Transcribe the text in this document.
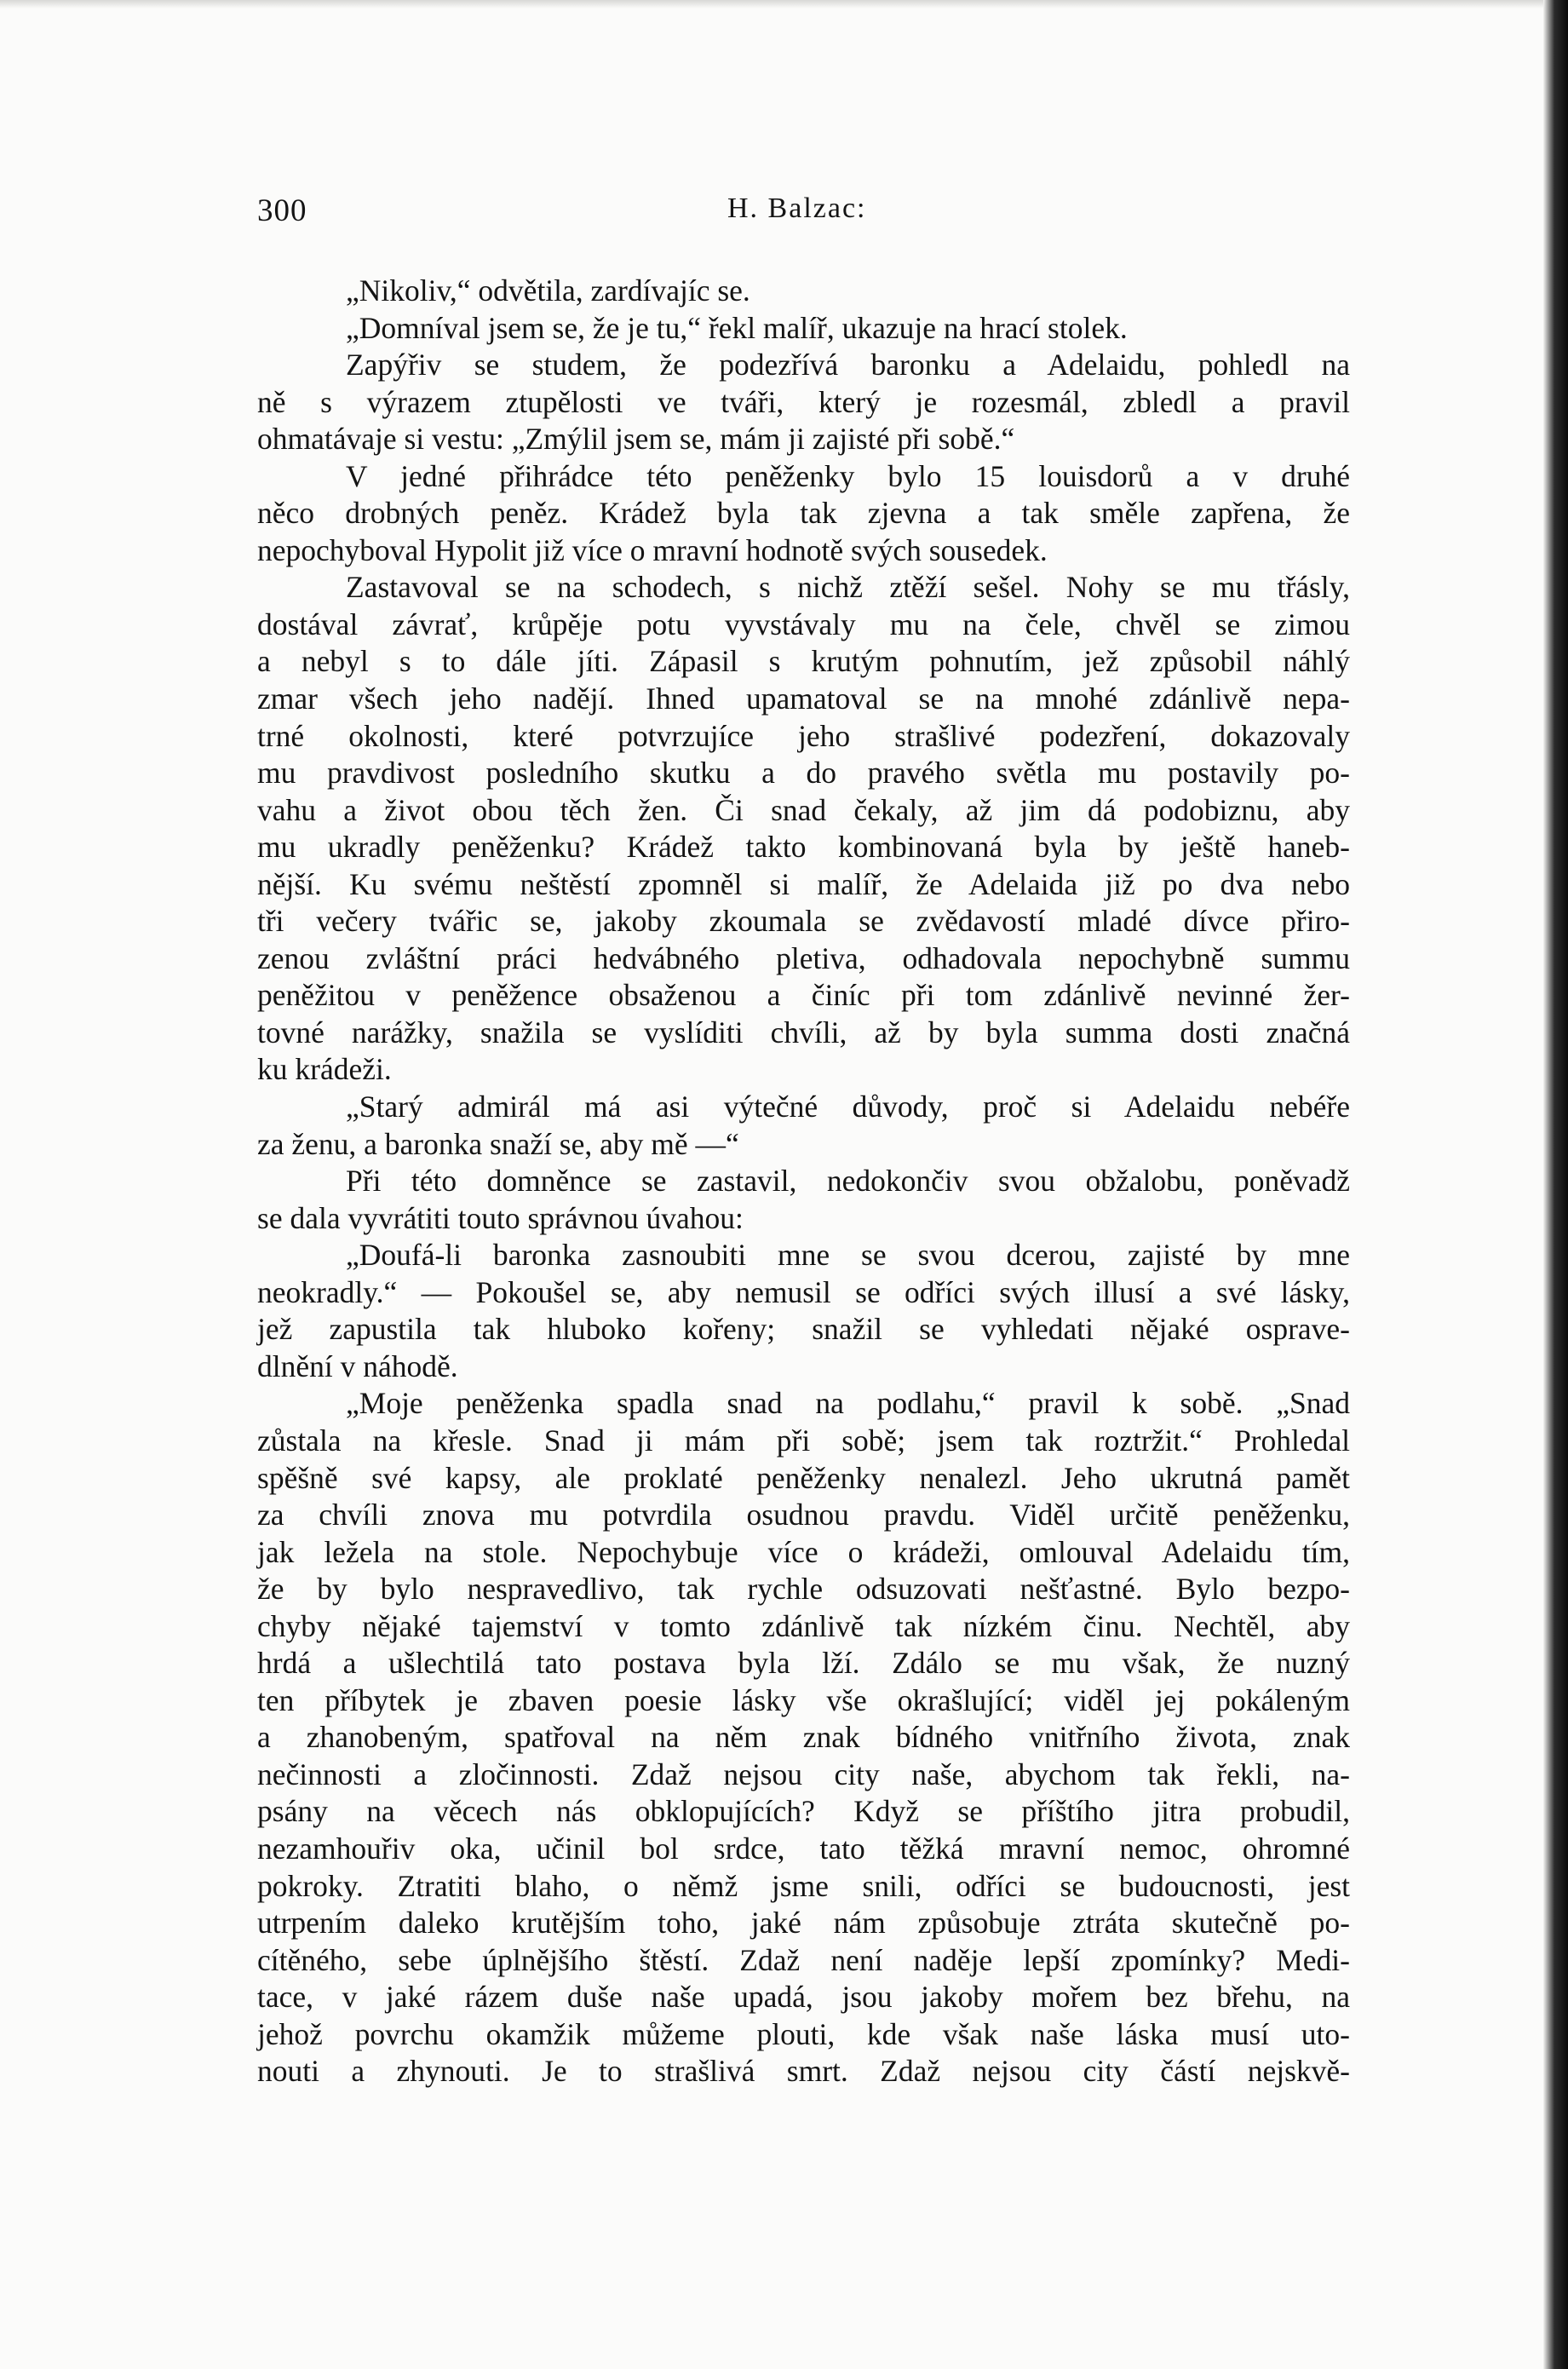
300	H. Balzac:
„Nikoliv,“ odvětila, zardívajíc se.
„Domníval jsem se, že je tu,“ řekl malíř, ukazuje na hrací stolek.
Zapýřiv se studem, že podezřívá baronku a Adelaidu, pohledl na
ně s výrazem ztupělosti ve tváři, který je rozesmál, zbledl a pravil
ohmatávaje si vestu: „Zmýlil jsem se, mám ji zajisté při sobě.“
V jedné přihrádce této peněženky bylo 15 louisdorů a v druhé
něco drobných peněz. Krádež byla tak zjevna a tak směle zapřena, že
nepochyboval Hypolit již více o mravní hodnotě svých sousedek.
Zastavoval se na schodech, s nichž ztěží sešel. Nohy se mu třásly,
dostával závrať, krůpěje potu vyvstávaly mu na čele, chvěl se zimou
a nebyl s to dále jíti. Zápasil s krutým pohnutím, jež způsobil náhlý
zmar všech jeho nadějí. Ihned upamatoval se na mnohé zdánlivě nepa-
trné okolnosti, které potvrzujíce jeho strašlivé podezření, dokazovaly
mu pravdivost posledního skutku a do pravého světla mu postavily po-
vahu a život obou těch žen. Či snad čekaly, až jim dá podobiznu, aby
mu ukradly peněženku? Krádež takto kombinovaná byla by ještě haneb-
nější. Ku svému neštěstí zpomněl si malíř, že Adelaida již po dva nebo
tři večery tvářic se, jakoby zkoumala se zvědavostí mladé dívce přiro-
zenou zvláštní práci hedvábného pletiva, odhadovala nepochybně summu
peněžitou v peněžence obsaženou a činíc při tom zdánlivě nevinné žer-
tovné narážky, snažila se vyslíditi chvíli, až by byla summa dosti značná
ku krádeži.
„Starý admirál má asi výtečné důvody, proč si Adelaidu nebéře
za ženu, a baronka snaží se, aby mě —“
Při této domněnce se zastavil, nedokončiv svou obžalobu, poněvadž
se dala vyvrátiti touto správnou úvahou:
„Doufá-li baronka zasnoubiti mne se svou dcerou, zajisté by mne
neokradly.“ — Pokoušel se, aby nemusil se odříci svých illusí a své lásky,
jež zapustila tak hluboko kořeny; snažil se vyhledati nějaké osprave-
dlnění v náhodě.
„Moje peněženka spadla snad na podlahu,“ pravil k sobě. „Snad
zůstala na křesle. Snad ji mám při sobě; jsem tak roztržit.“ Prohledal
spěšně své kapsy, ale proklaté peněženky nenalezl. Jeho ukrutná pamět
za chvíli znova mu potvrdila osudnou pravdu. Viděl určitě peněženku,
jak ležela na stole. Nepochybuje více o krádeži, omlouval Adelaidu tím,
že by bylo nespravedlivo, tak rychle odsuzovati nešťastné. Bylo bezpo-
chyby nějaké tajemství v tomto zdánlivě tak nízkém činu. Nechtěl, aby
hrdá a ušlechtilá tato postava byla lží. Zdálo se mu však, že nuzný
ten příbytek je zbaven poesie lásky vše okrašlující; viděl jej pokáleným
a zhanobeným, spatřoval na něm znak bídného vnitřního života, znak
nečinnosti a zločinnosti. Zdaž nejsou city naše, abychom tak řekli, na-
psány na věcech nás obklopujících? Když se příštího jitra probudil,
nezamhouřiv oka, učinil bol srdce, tato těžká mravní nemoc, ohromné
pokroky. Ztratiti blaho, o němž jsme snili, odříci se budoucnosti, jest
utrpením daleko krutějším toho, jaké nám způsobuje ztráta skutečně po-
cítěného, sebe úplnějšího štěstí. Zdaž není naděje lepší zpomínky? Medi-
tace, v jaké rázem duše naše upadá, jsou jakoby mořem bez břehu, na
jehož povrchu okamžik můžeme plouti, kde však naše láska musí uto-
nouti a zhynouti. Je to strašlivá smrt. Zdaž nejsou city částí nejskvě-
